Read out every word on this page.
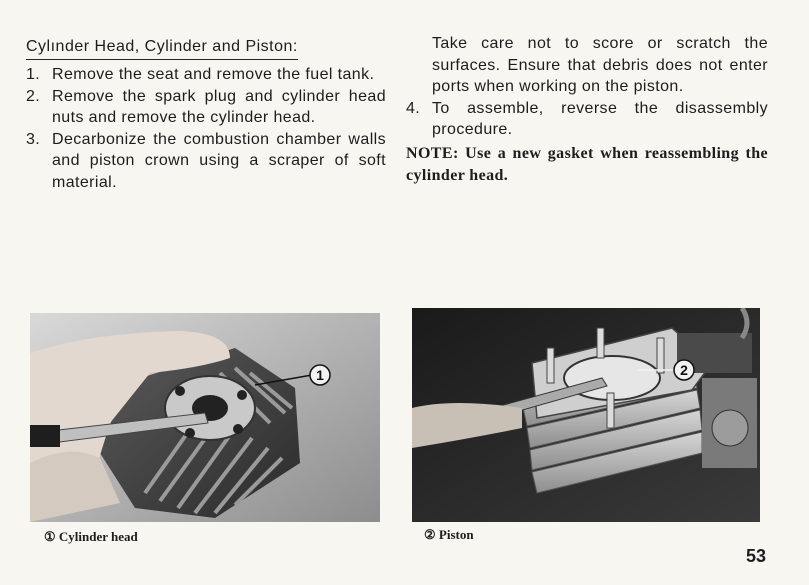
Cylınder Head, Cylinder and Piston:
1. Remove the seat and remove the fuel tank.
2. Remove the spark plug and cylinder head nuts and remove the cylinder head.
3. Decarbonize the combustion chamber walls and piston crown using a scraper of soft material.
Take care not to score or scratch the surfaces. Ensure that debris does not enter ports when working on the piston.
4. To assemble, reverse the disassembly procedure.
NOTE: Use a new gasket when reassembling the cylinder head.
1
① Cylinder head
2
② Piston
53
